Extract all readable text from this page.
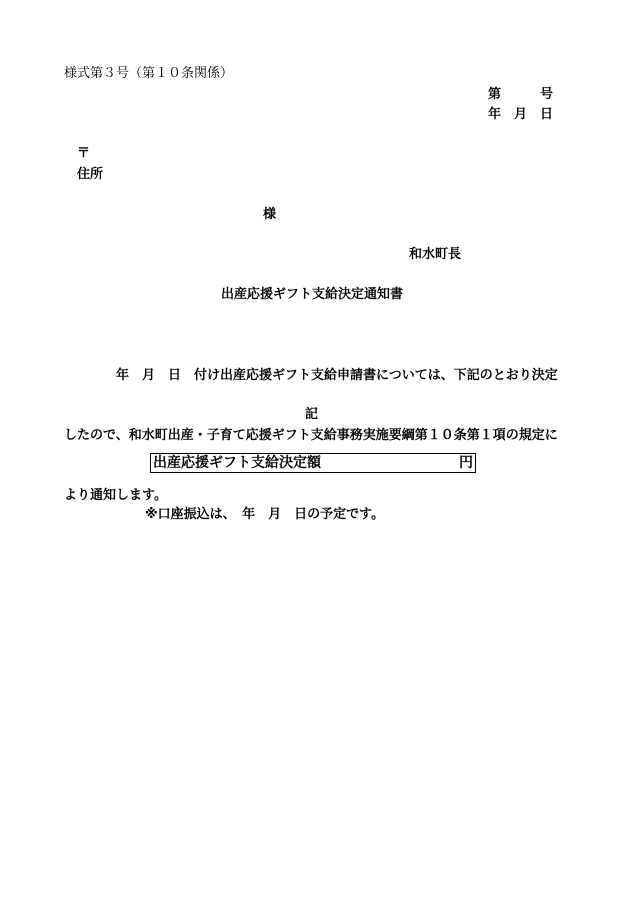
様式第３号（第１０条関係）
第　　　号
年　月　日
〒
住所
様
和水町長
出産応援ギフト支給決定通知書

　　　　年　月　日　付け出産応援ギフト支給申請書については、下記のとおり決定

したので、和水町出産・子育て応援ギフト支給事務実施要綱第１０条第１項の規定に

より通知します。

記
出産応援ギフト支給決定額	円
※口座振込は、　年　月　日の予定です。
